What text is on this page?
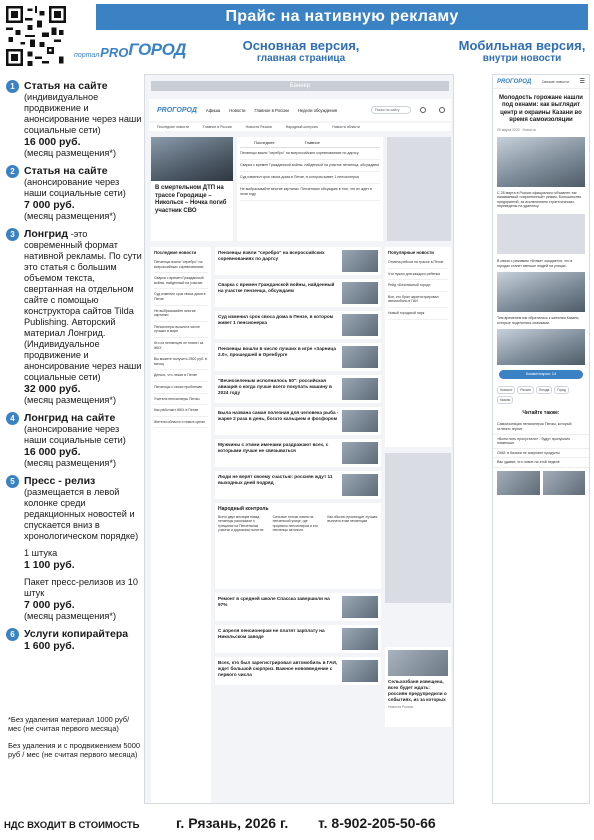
Прайс на нативную рекламу
портал PRO ГОРОД	Основная версия,
главная страница
Мобильная версия,
внутри новости
1 Статья на сайте
(индивидуальное продвижение и анонсирование через наши социальные сети)
16 000 руб.
(месяц размещения*)
2 Статья на сайте
(анонсирование через наши социальные сети)
7 000 руб.
(месяц размещения*)
3 Лонгрид -это современный формат нативной рекламы. По сути это статья с большим объемом текста, свертанная на отдельном сайте с помощью конструктора сайтов Tilda Publishing. Авторский материал Лонгрид. (Индивидуальное продвижение и анонсирование через наши социальные сети)
32 000 руб.
(месяц размещения*)
4 Лонгрид на сайте
(анонсирование через наши социальные сети)
16 000 руб.
(месяц размещения*)
5 Пресс - релиз
(размещается в левой колонке среди редакционных новостей и спускается вниз в хронологическом порядке)
1 штука
1 100 руб.
Пакет пресс-релизов из 10 штук
7 000 руб.
(месяц размещения*)
6 Услуги копирайтера
1 600 руб.
*Без удаления материал 1000 руб/ мес (не считая первого месяца)
Без удаления и с продвижением 5000 руб / мес (не считая первого месяца)
НДС ВХОДИТ В СТОИМОСТЬ	г. Рязань, 2026 г. т. 8-902-205-50-66
Баннер
PROГОРОД Афиша Новости Главное в России Недели обсуждения	Поиск по сайту
Последние новости	Главное в России	Новости Рязани	Народный контроль	Новости области
В смертельном ДТП на трассе Городище – Никольск – Ночка погиб участник СВО
Последнее	Главное
Пензенцы взяли "серебро" на всероссийских соревнованиях по дартсу
Сварка с времен Гражданской войны, найденный на участке пензенца, обсуждаем
Суд изменил срок своса дома в Пензе, в котором живет 1 пенсионерка
Не выбрасывайте многие картинки. Пензенских обсуждаю в том, что их ждет в этом году
Последние новости
Пензенцы взяли "серебро" на всероссийских соревнованиях
Сварка с времен Гражданской войны, найденный на участке
Суд изменил срок своса дома в Пензе
Не выбрасывайте многие картинки
Пенсионеры вышли в числе лучших в мире
Кто из пензенцев не платит за ЖКХ
Вы можете получить 2500 руб. в месяц
Деньги, что лежат в Пензе
Пензенцы о своих проблемах
Учителя пенсионеры Пензы
Как работают ЖКХ в Пензе
Жители области о новых ценах
Пензенцы взяли "серебро" на всероссийских соревнованиях по дартсу
Сварка с времен Гражданской войны, найденный на участке пензенца, обсуждаем
Суд изменил срок своса дома в Пензе, в котором живет 1 пенсионерка
Пензенцы вошли в число лучших в игре «Зарница 2.0», прошедшей в Оренбурге
"Вечнозеленым исполнилось 50": российская авиация о когда лучше всего покупать машину в 2024 году
Была названа самая полезная для человека рыба - жарке 2 раза в день, богато кальцием и фосфором
Мужчины с этими именами раздражают всех, с которыми лучше не связываться
Люди не верят своему счастью: россиян ждут 11 выходных дней подряд
Народный контроль
Всего двух месяцев назад пензенцы рассказали о трещинах на Пензенском участке и дорожном полотне
Сильные потоки ливня на пензенской улице, где прорвало пенсионеров и его пензенцы затопило
Как обычно происходит лучшая выплата этим пензенцам
Ремонт в средней школе Спасска завершили на 97%
С апреля пенсионерам не платят зарплату на Никольском заводе
Всех, кто был зарегистрировал автомобиль в ГАИ, ждет большой сюрприз. Важное нововведение с первого числа
Популярные новости
Отмена рейсов на трассе в Пензе
Что нужно для каждого ребенка
Рейд «Безопасный город»
Все, кто брал зарегистрировал автомобиль в ГАИ
Новый городской парк
Сельхозбаня извещена, всех будет ждать: россиян предупредили о событиях, из за которых
Новости России
PROГОРОД	Свежие новости ☰
Молодость горожане нашли под окнами: как выглядит центр и окраины Казани во время самоизоляции
29 марта 2020 · Новости
С 28 марта в России официально объявлен так называемый «карантинный» режим. Большинство предприятий, за исключением стратегических, переведены на удаленку.
В связи с режимом «Атаки» ожидается, что в городах станет меньше людей на улицах.
Тем временем мы обратились к жителям Казани, которые поделились снимками.
Комментарии: 14
Новости	Россия	Погода	Город
Казань
Читайте также:
Самоизоляция пенсионерок Пензы, который отлично терпит
«Всем пить пропустили» - будут пропускать поменьше
СМИ: в Казани не покупают продукты
Вас удивит, что новое на этой неделе
